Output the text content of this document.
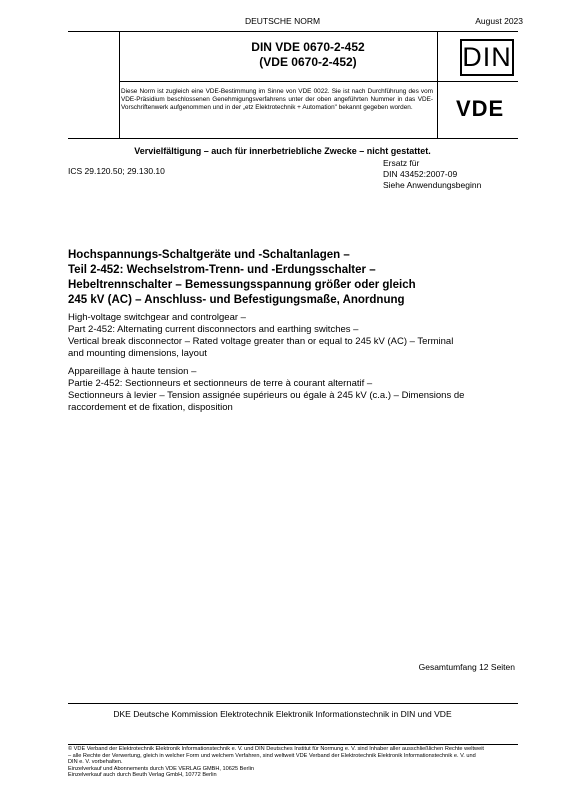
DEUTSCHE NORM	August 2023
DIN VDE 0670-2-452
(VDE 0670-2-452)	DIN
Diese Norm ist zugleich eine VDE-Bestimmung im Sinne von VDE 0022. Sie ist nach Durchführung des vom VDE-Präsidium beschlossenen Genehmigungsverfahrens unter der oben angeführten Nummer in das VDE-Vorschriftenwerk aufgenommen und in der „etz Elektrotechnik + Automation" bekannt gegeben worden.	VDE
Vervielfältigung – auch für innerbetriebliche Zwecke – nicht gestattet.
ICS 29.120.50; 29.130.10
Ersatz für
DIN 43452:2007-09
Siehe Anwendungsbeginn
Hochspannungs-Schaltgeräte und -Schaltanlagen –
Teil 2-452: Wechselstrom-Trenn- und -Erdungsschalter –
Hebeltrennschalter – Bemessungsspannung größer oder gleich
245 kV (AC) – Anschluss- und Befestigungsmaße, Anordnung
High-voltage switchgear and controlgear –
Part 2-452: Alternating current disconnectors and earthing switches –
Vertical break disconnector – Rated voltage greater than or equal to 245 kV (AC) – Terminal
and mounting dimensions, layout
Appareillage à haute tension –
Partie 2-452: Sectionneurs et sectionneurs de terre à courant alternatif –
Sectionneurs à levier – Tension assignée supérieurs ou égale à 245 kV (c.a.) – Dimensions de
raccordement et de fixation, disposition
Gesamtumfang 12 Seiten
DKE Deutsche Kommission Elektrotechnik Elektronik Informationstechnik in DIN und VDE
© VDE Verband der Elektrotechnik Elektronik Informationstechnik e. V. und DIN Deutsches Institut für Normung e. V. sind Inhaber aller ausschließlichen Rechte weltweit
– alle Rechte der Verwertung, gleich in welcher Form und welchem Verfahren, sind weltweit VDE Verband der Elektrotechnik Elektronik Informationstechnik e. V. und
DIN e. V. vorbehalten.
Einzelverkauf und Abonnements durch VDE VERLAG GMBH, 10625 Berlin
Einzelverkauf auch durch Beuth Verlag GmbH, 10772 Berlin
